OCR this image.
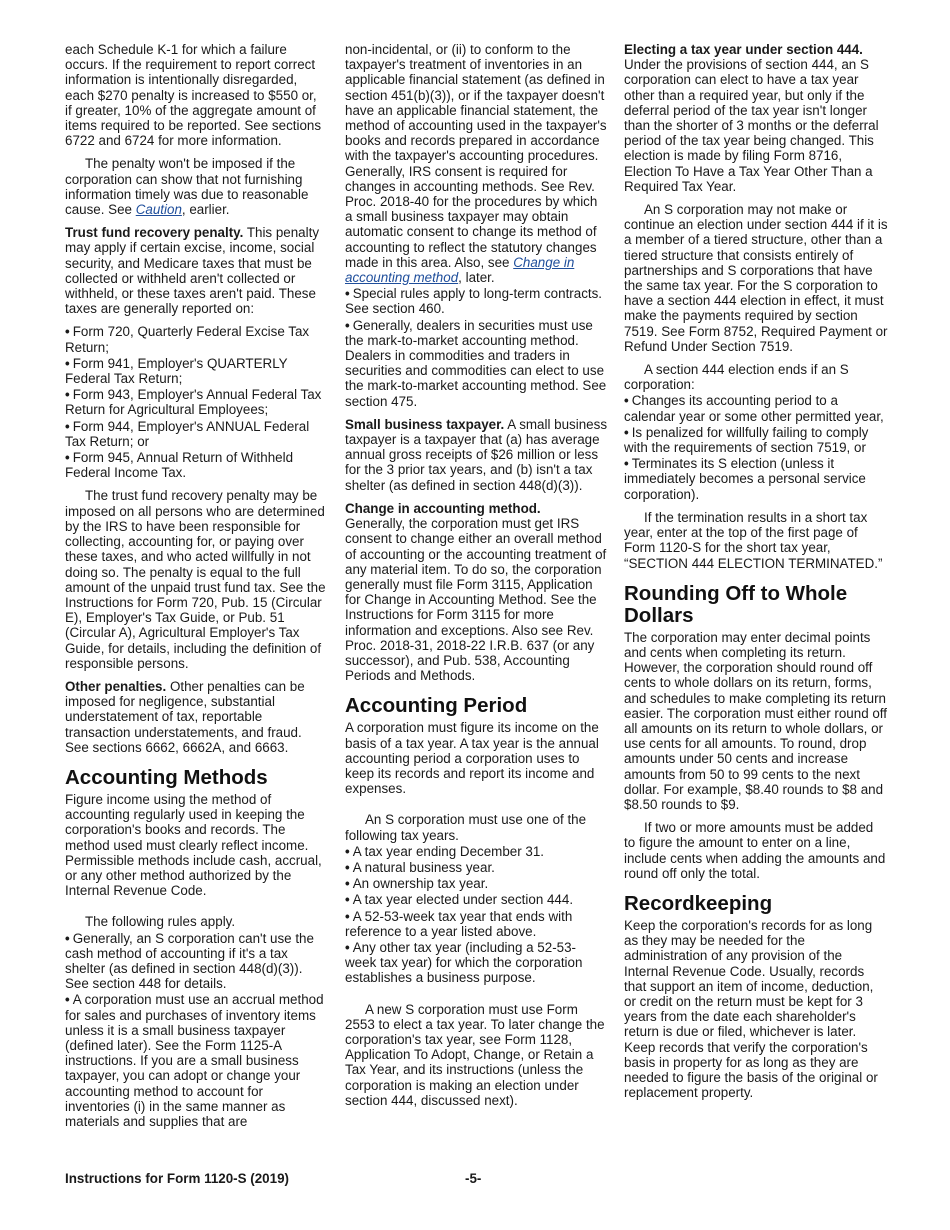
each Schedule K-1 for which a failure occurs. If the requirement to report correct information is intentionally disregarded, each $270 penalty is increased to $550 or, if greater, 10% of the aggregate amount of items required to be reported. See sections 6722 and 6724 for more information.

The penalty won't be imposed if the corporation can show that not furnishing information timely was due to reasonable cause. See Caution, earlier.

Trust fund recovery penalty. This penalty may apply if certain excise, income, social security, and Medicare taxes that must be collected or withheld aren't collected or withheld, or these taxes aren't paid. These taxes are generally reported on:

• Form 720, Quarterly Federal Excise Tax Return;
• Form 941, Employer's QUARTERLY Federal Tax Return;
• Form 943, Employer's Annual Federal Tax Return for Agricultural Employees;
• Form 944, Employer's ANNUAL Federal Tax Return; or
• Form 945, Annual Return of Withheld Federal Income Tax.

The trust fund recovery penalty may be imposed on all persons who are determined by the IRS to have been responsible for collecting, accounting for, or paying over these taxes, and who acted willfully in not doing so. The penalty is equal to the full amount of the unpaid trust fund tax. See the Instructions for Form 720, Pub. 15 (Circular E), Employer's Tax Guide, or Pub. 51 (Circular A), Agricultural Employer's Tax Guide, for details, including the definition of responsible persons.

Other penalties. Other penalties can be imposed for negligence, substantial understatement of tax, reportable transaction understatements, and fraud. See sections 6662, 6662A, and 6663.

Accounting Methods

Figure income using the method of accounting regularly used in keeping the corporation's books and records. The method used must clearly reflect income. Permissible methods include cash, accrual, or any other method authorized by the Internal Revenue Code.

The following rules apply.

• Generally, an S corporation can't use the cash method of accounting if it's a tax shelter (as defined in section 448(d)(3)). See section 448 for details.
• A corporation must use an accrual method for sales and purchases of inventory items unless it is a small business taxpayer (defined later). See the Form 1125-A instructions. If you are a small business taxpayer, you can adopt or change your accounting method to account for inventories (i) in the same manner as materials and supplies that are

non-incidental, or (ii) to conform to the taxpayer's treatment of inventories in an applicable financial statement (as defined in section 451(b)(3)), or if the taxpayer doesn't have an applicable financial statement, the method of accounting used in the taxpayer's books and records prepared in accordance with the taxpayer's accounting procedures. Generally, IRS consent is required for changes in accounting methods. See Rev. Proc. 2018-40 for the procedures by which a small business taxpayer may obtain automatic consent to change its method of accounting to reflect the statutory changes made in this area. Also, see Change in accounting method, later.

• Special rules apply to long-term contracts. See section 460.
• Generally, dealers in securities must use the mark-to-market accounting method. Dealers in commodities and traders in securities and commodities can elect to use the mark-to-market accounting method. See section 475.

Small business taxpayer. A small business taxpayer is a taxpayer that (a) has average annual gross receipts of $26 million or less for the 3 prior tax years, and (b) isn't a tax shelter (as defined in section 448(d)(3)).

Change in accounting method.
Generally, the corporation must get IRS consent to change either an overall method of accounting or the accounting treatment of any material item. To do so, the corporation generally must file Form 3115, Application for Change in Accounting Method. See the Instructions for Form 3115 for more information and exceptions. Also see Rev. Proc. 2018-31, 2018-22 I.R.B. 637 (or any successor), and Pub. 538, Accounting Periods and Methods.

Accounting Period

A corporation must figure its income on the basis of a tax year. A tax year is the annual accounting period a corporation uses to keep its records and report its income and expenses.

An S corporation must use one of the following tax years.

• A tax year ending December 31.
• A natural business year.
• An ownership tax year.
• A tax year elected under section 444.
• A 52-53-week tax year that ends with reference to a year listed above.
• Any other tax year (including a 52-53-week tax year) for which the corporation establishes a business purpose.

A new S corporation must use Form 2553 to elect a tax year. To later change the corporation's tax year, see Form 1128, Application To Adopt, Change, or Retain a Tax Year, and its instructions (unless the corporation is making an election under section 444, discussed next).

Electing a tax year under section 444.
Under the provisions of section 444, an S corporation can elect to have a tax year other than a required year, but only if the deferral period of the tax year isn't longer than the shorter of 3 months or the deferral period of the tax year being changed. This election is made by filing Form 8716, Election To Have a Tax Year Other Than a Required Tax Year.

An S corporation may not make or continue an election under section 444 if it is a member of a tiered structure, other than a tiered structure that consists entirely of partnerships and S corporations that have the same tax year. For the S corporation to have a section 444 election in effect, it must make the payments required by section 7519. See Form 8752, Required Payment or Refund Under Section 7519.

A section 444 election ends if an S corporation:

• Changes its accounting period to a calendar year or some other permitted year,
• Is penalized for willfully failing to comply with the requirements of section 7519, or
• Terminates its S election (unless it immediately becomes a personal service corporation).

If the termination results in a short tax year, enter at the top of the first page of Form 1120-S for the short tax year, “SECTION 444 ELECTION TERMINATED.”

Rounding Off to Whole Dollars

The corporation may enter decimal points and cents when completing its return. However, the corporation should round off cents to whole dollars on its return, forms, and schedules to make completing its return easier. The corporation must either round off all amounts on its return to whole dollars, or use cents for all amounts. To round, drop amounts under 50 cents and increase amounts from 50 to 99 cents to the next dollar. For example, $8.40 rounds to $8 and $8.50 rounds to $9.

If two or more amounts must be added to figure the amount to enter on a line, include cents when adding the amounts and round off only the total.

Recordkeeping

Keep the corporation's records for as long as they may be needed for the administration of any provision of the Internal Revenue Code. Usually, records that support an item of income, deduction, or credit on the return must be kept for 3 years from the date each shareholder's return is due or filed, whichever is later. Keep records that verify the corporation's basis in property for as long as they are needed to figure the basis of the original or replacement property.

Instructions for Form 1120-S (2019)	-5-
